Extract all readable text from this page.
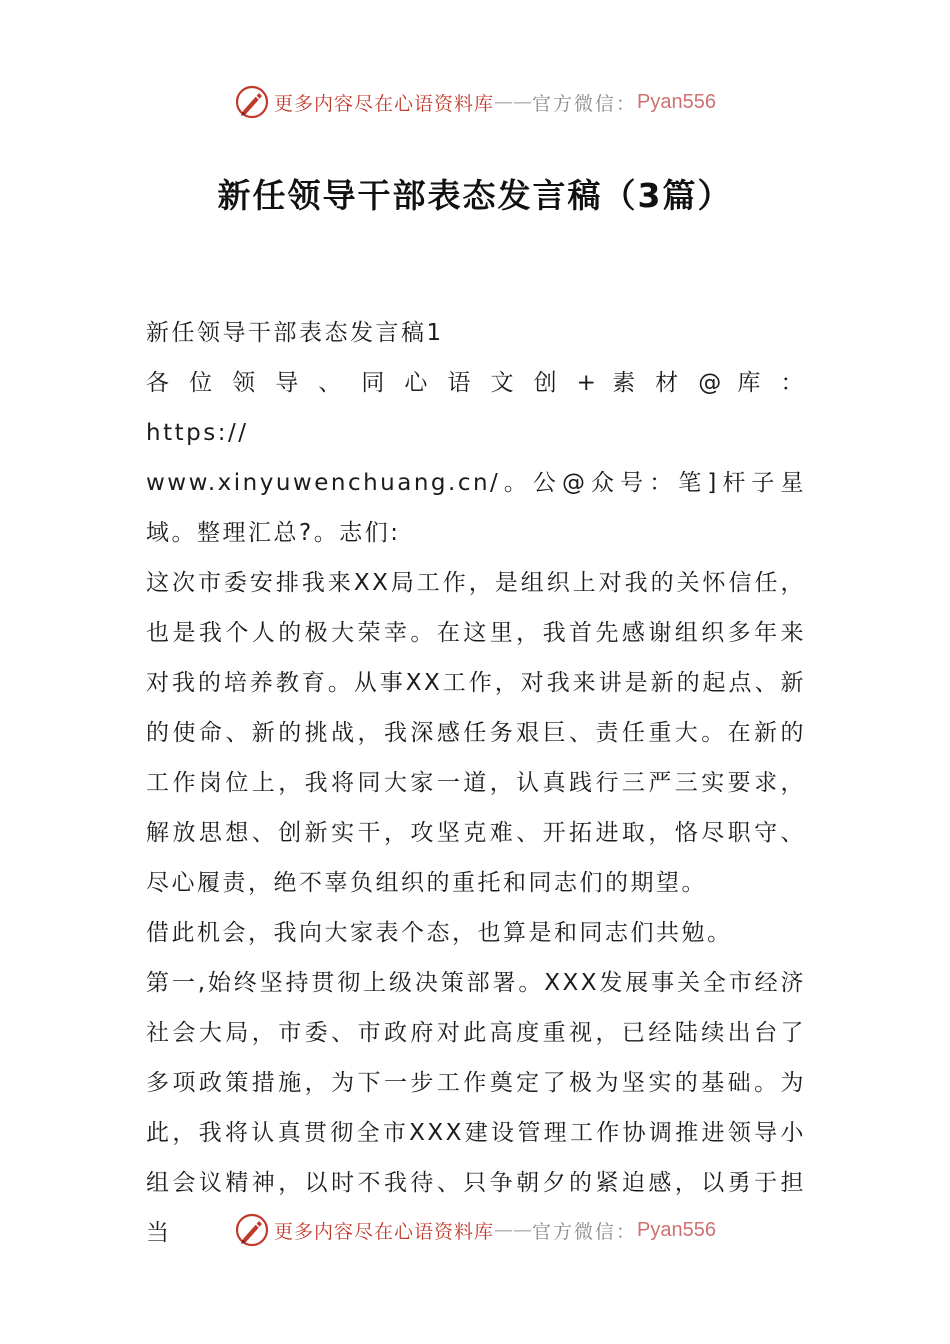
更多内容尽在心语资料库 —— 官方微信： Pyan556
新任领导干部表态发言稿（3篇）

新任领导干部表态发言稿1

各 位 领 导 、 同 心 语 文 创 + 素 材 @ 库 ： https://

www.xinyuwenchuang.cn/。公@众号：笔]杆子星域。整理汇总?。志们:

这次市委安排我来XX局工作，是组织上对我的关怀信任，也是我个人的极大荣幸。在这里，我首先感谢组织多年来对我的培养教育。从事XX工作，对我来讲是新的起点、新的使命、新的挑战，我深感任务艰巨、责任重大。在新的工作岗位上，我将同大家一道，认真践行三严三实要求，解放思想、创新实干，攻坚克难、开拓进取，恪尽职守、尽心履责，绝不辜负组织的重托和同志们的期望。

借此机会，我向大家表个态，也算是和同志们共勉。

第一,始终坚持贯彻上级决策部署。XXX发展事关全市经济社会大局，市委、市政府对此高度重视，已经陆续出台了多项政策措施，为下一步工作奠定了极为坚实的基础。为此，我将认真贯彻全市XXX建设管理工作协调推进领导小组会议精神，以时不我待、只争朝夕的紧迫感，以勇于担当	更多内容尽在心语资料库 —— 官方微信： Pyan556
